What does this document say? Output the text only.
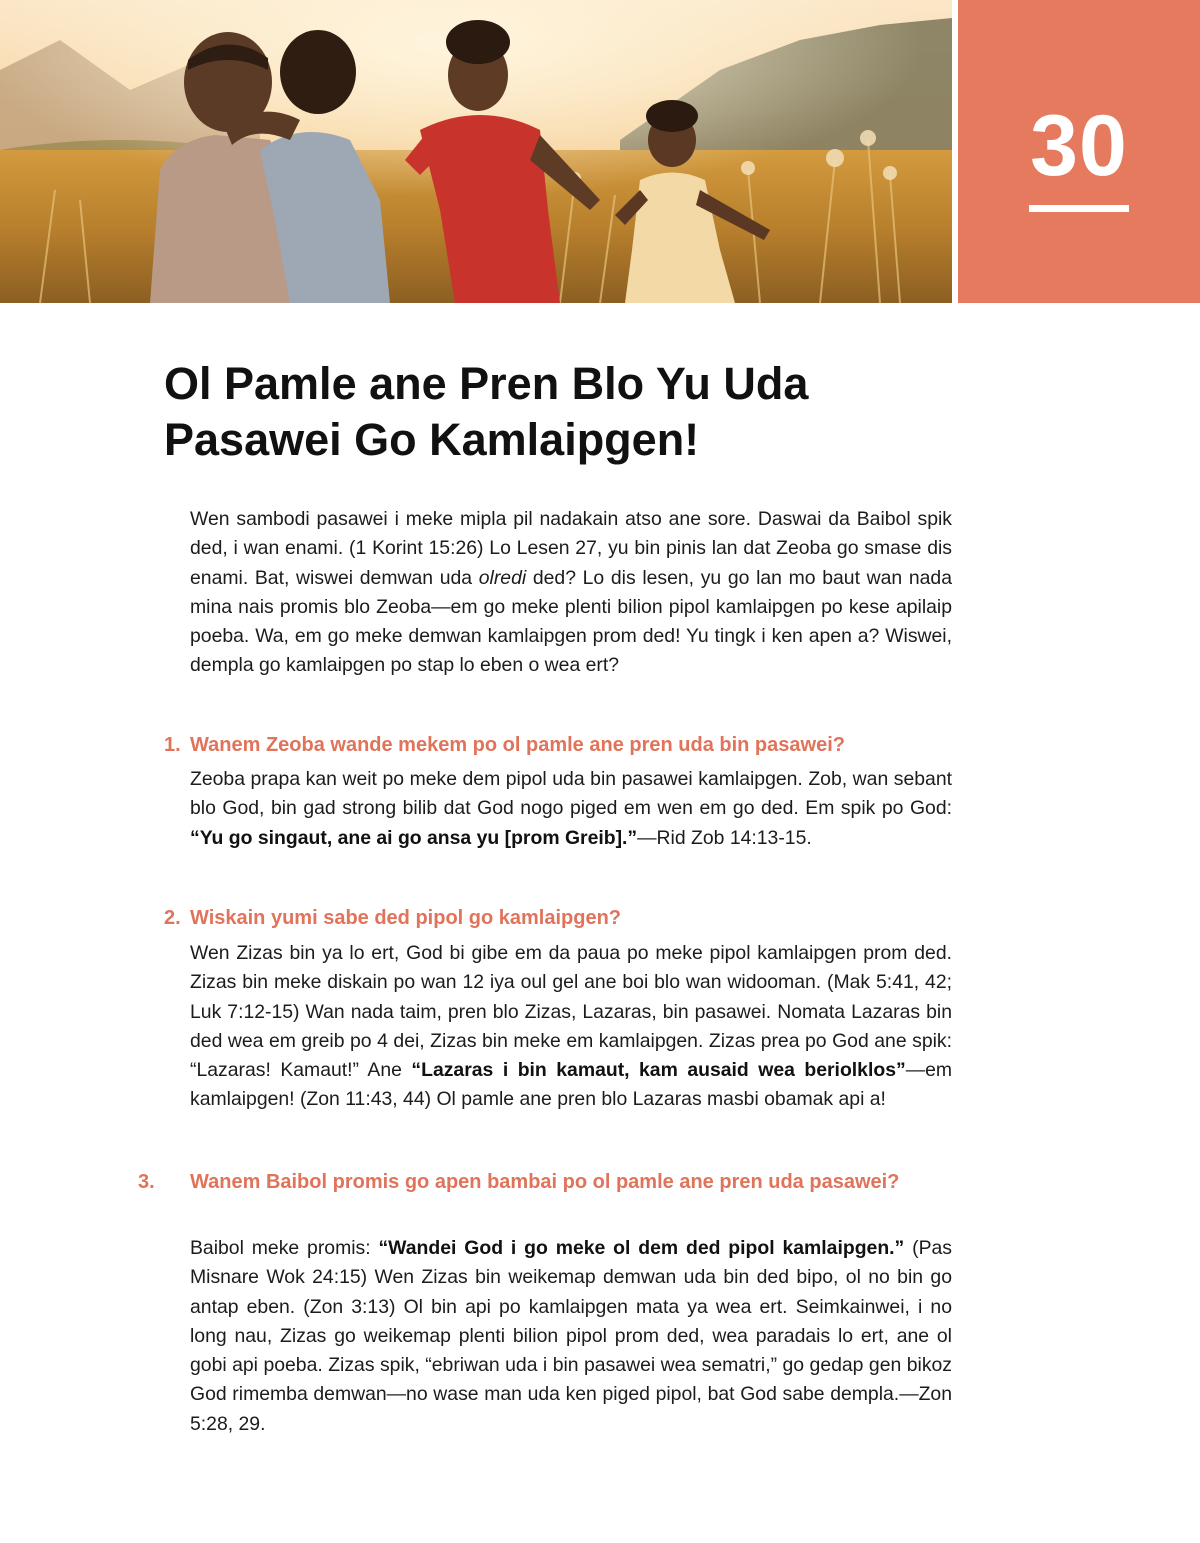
30
Ol Pamle ane Pren Blo Yu Uda
Pasawei Go Kamlaipgen!

Wen sambodi pasawei i meke mipla pil nadakain atso ane sore. Daswai da Baibol spik ded, i wan enami. (1 Korint 15:26) Lo Lesen 27, yu bin pinis lan dat Zeoba go smase dis enami. Bat, wiswei demwan uda olredi ded? Lo dis lesen, yu go lan mo baut wan nada mina nais promis blo Zeoba—em go meke plenti bilion pipol kamlaipgen po kese apilaip poeba. Wa, em go meke demwan kamlaipgen prom ded! Yu tingk i ken apen a? Wiswei, dempla go kamlaipgen po stap lo eben o wea ert?

1. Wanem Zeoba wande mekem po ol pamle ane pren uda bin pasawei?

Zeoba prapa kan weit po meke dem pipol uda bin pasawei kamlaipgen. Zob, wan sebant blo God, bin gad strong bilib dat God nogo piged em wen em go ded. Em spik po God: “Yu go singaut, ane ai go ansa yu [prom Greib].”—Rid Zob 14:13-15.

2. Wiskain yumi sabe ded pipol go kamlaipgen?

Wen Zizas bin ya lo ert, God bi gibe em da paua po meke pipol kamlaipgen prom ded. Zizas bin meke diskain po wan 12 iya oul gel ane boi blo wan widooman. (Mak 5:41, 42; Luk 7:12-15) Wan nada taim, pren blo Zizas, Lazaras, bin pasawei. Nomata Lazaras bin ded wea em greib po 4 dei, Zizas bin meke em kamlaipgen. Zizas prea po God ane spik: “Lazaras! Kamaut!” Ane “Lazaras i bin kamaut, kam ausaid wea beriolklos”—em kamlaipgen! (Zon 11:43, 44) Ol pamle ane pren blo Lazaras masbi obamak api a!

3. Wanem Baibol promis go apen bambai po ol pamle ane pren uda pasawei?

Baibol meke promis: “Wandei God i go meke ol dem ded pipol kamlaipgen.” (Pas Misnare Wok 24:15) Wen Zizas bin weikemap demwan uda bin ded bipo, ol no bin go antap eben. (Zon 3:13) Ol bin api po kamlaipgen mata ya wea ert. Seimkainwei, i no long nau, Zizas go weikemap plenti bilion pipol prom ded, wea paradais lo ert, ane ol gobi api poeba. Zizas spik, “ebriwan uda i bin pasawei wea sematri,” go gedap gen bikoz God rimemba demwan—no wase man uda ken piged pipol, bat God sabe dempla.—Zon 5:28, 29.
